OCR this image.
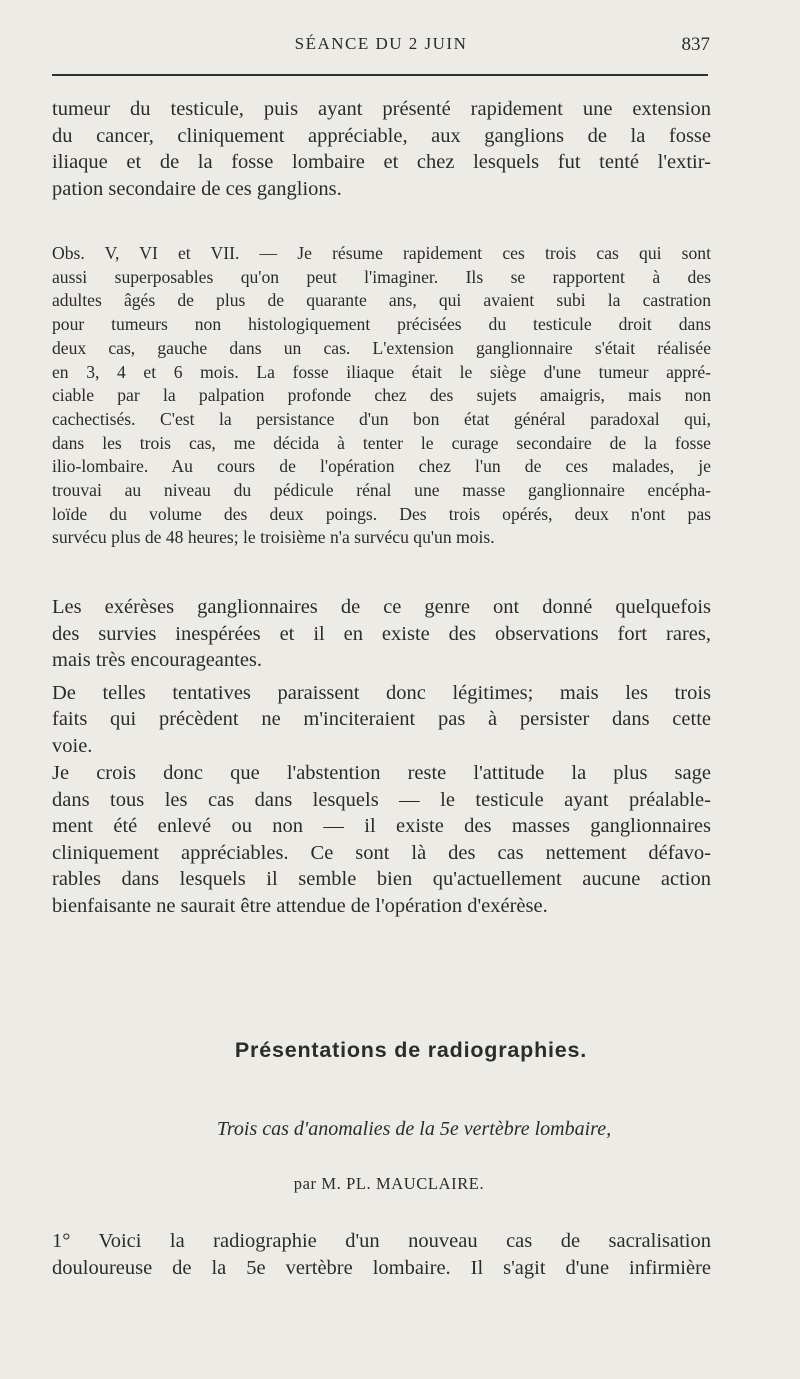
SÉANCE DU 2 JUIN	837

tumeur du testicule, puis ayant présenté rapidement une extension
du cancer, cliniquement appréciable, aux ganglions de la fosse
iliaque et de la fosse lombaire et chez lesquels fut tenté l'extir-
pation secondaire de ces ganglions.

Obs. V, VI et VII. — Je résume rapidement ces trois cas qui sont
aussi superposables qu'on peut l'imaginer. Ils se rapportent à des
adultes âgés de plus de quarante ans, qui avaient subi la castration
pour tumeurs non histologiquement précisées du testicule droit dans
deux cas, gauche dans un cas. L'extension ganglionnaire s'était réalisée
en 3, 4 et 6 mois. La fosse iliaque était le siège d'une tumeur appré-
ciable par la palpation profonde chez des sujets amaigris, mais non
cachectisés. C'est la persistance d'un bon état général paradoxal qui,
dans les trois cas, me décida à tenter le curage secondaire de la fosse
ilio-lombaire. Au cours de l'opération chez l'un de ces malades, je
trouvai au niveau du pédicule rénal une masse ganglionnaire encépha-
loïde du volume des deux poings. Des trois opérés, deux n'ont pas
survécu plus de 48 heures; le troisième n'a survécu qu'un mois.

Les exérèses ganglionnaires de ce genre ont donné quelquefois
des survies inespérées et il en existe des observations fort rares,
mais très encourageantes.

De telles tentatives paraissent donc légitimes; mais les trois
faits qui précèdent ne m'inciteraient pas à persister dans cette
voie.

Je crois donc que l'abstention reste l'attitude la plus sage
dans tous les cas dans lesquels — le testicule ayant préalable-
ment été enlevé ou non — il existe des masses ganglionnaires
cliniquement appréciables. Ce sont là des cas nettement défavo-
rables dans lesquels il semble bien qu'actuellement aucune action
bienfaisante ne saurait être attendue de l'opération d'exérèse.

Présentations de radiographies.

Trois cas d'anomalies de la 5e vertèbre lombaire,

par M. PL. MAUCLAIRE.

1° Voici la radiographie d'un nouveau cas de sacralisation
douloureuse de la 5e vertèbre lombaire. Il s'agit d'une infirmière
